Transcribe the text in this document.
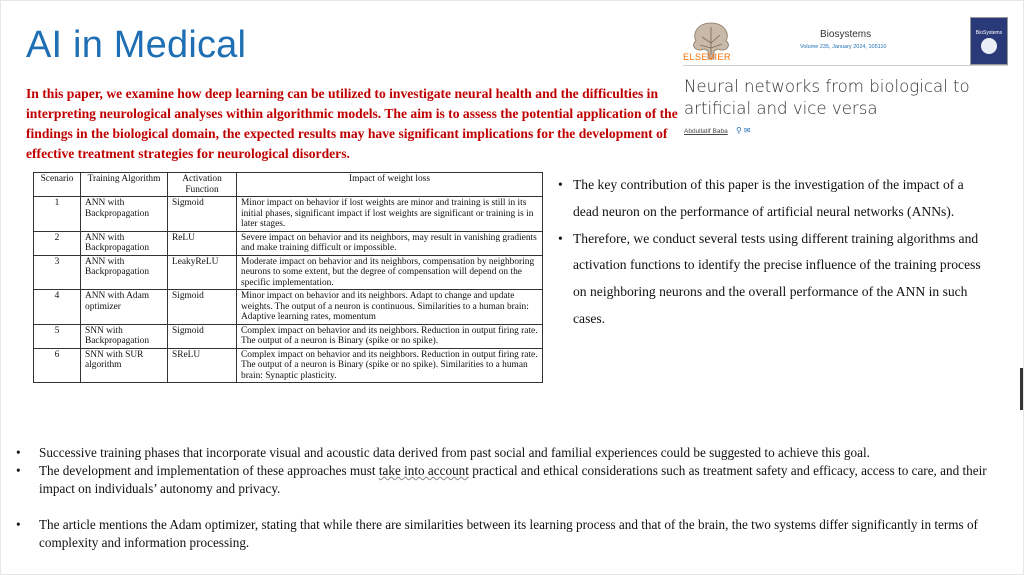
AI in Medical
In this paper, we examine how deep learning can be utilized to investigate neural health and the difficulties in interpreting neurological analyses within algorithmic models. The aim is to assess the potential application of the findings in the biological domain, the expected results may have significant implications for the development of effective treatment strategies for neurological disorders.
ELSEVIER
Biosystems
Volume 235, January 2024, 105110
BioSystems
Neural networks from biological to artificial and vice versa
Abdullatif Baba ⚲ ✉
Scenario	Training Algorithm	Activation Function	Impact of weight loss
1	ANN with Backpropagation	Sigmoid	Minor impact on behavior if lost weights are minor and training is still in its initial phases, significant impact if lost weights are significant or training is in later stages.
2	ANN with Backpropagation	ReLU	Severe impact on behavior and its neighbors, may result in vanishing gradients and make training difficult or impossible.
3	ANN with Backpropagation	LeakyReLU	Moderate impact on behavior and its neighbors, compensation by neighboring neurons to some extent, but the degree of compensation will depend on the specific implementation.
4	ANN with Adam optimizer	Sigmoid	Minor impact on behavior and its neighbors. Adapt to change and update weights. The output of a neuron is continuous. Similarities to a human brain: Adaptive learning rates, momentum
5	SNN with Backpropagation	Sigmoid	Complex impact on behavior and its neighbors. Reduction in output firing rate. The output of a neuron is Binary (spike or no spike).
6	SNN with SUR algorithm	SReLU	Complex impact on behavior and its neighbors. Reduction in output firing rate. The output of a neuron is Binary (spike or no spike). Similarities to a human brain: Synaptic plasticity.
• The key contribution of this paper is the investigation of the impact of a dead neuron on the performance of artificial neural networks (ANNs).
• Therefore, we conduct several tests using different training algorithms and activation functions to identify the precise influence of the training process on neighboring neurons and the overall performance of the ANN in such cases.
• Successive training phases that incorporate visual and acoustic data derived from past social and familial experiences could be suggested to achieve this goal.
• The development and implementation of these approaches must take into account practical and ethical considerations such as treatment safety and efficacy, access to care, and their impact on individuals’ autonomy and privacy.
• The article mentions the Adam optimizer, stating that while there are similarities between its learning process and that of the brain, the two systems differ significantly in terms of complexity and information processing.
